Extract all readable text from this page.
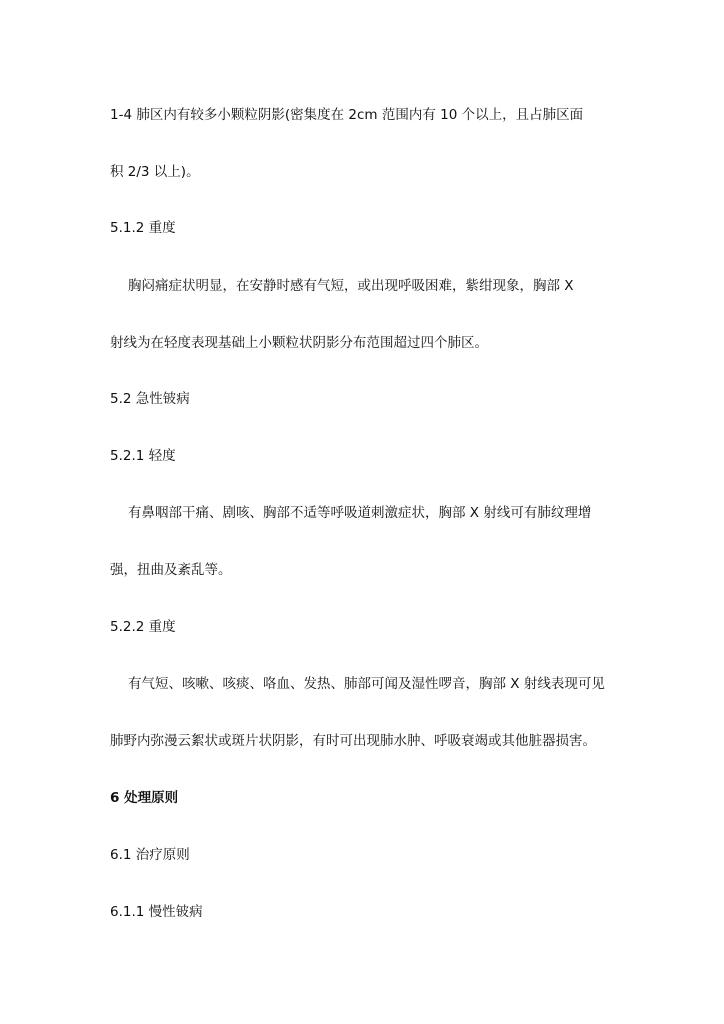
1-4 肺区内有较多小颗粒阴影(密集度在 2cm 范围内有 10 个以上，且占肺区面
积 2/3 以上)。
5.1.2 重度
胸闷痛症状明显，在安静时感有气短，或出现呼吸困难，紫绀现象，胸部 X
射线为在轻度表现基础上小颗粒状阴影分布范围超过四个肺区。
5.2 急性铍病
5.2.1 轻度
有鼻咽部干痛、剧咳、胸部不适等呼吸道刺激症状，胸部 X 射线可有肺纹理增
强，扭曲及紊乱等。
5.2.2 重度
有气短、咳嗽、咳痰、咯血、发热、肺部可闻及湿性啰音，胸部 X 射线表现可见
肺野内弥漫云絮状或斑片状阴影，有时可出现肺水肿、呼吸衰竭或其他脏器损害。
6 处理原则
6.1 治疗原则
6.1.1 慢性铍病
